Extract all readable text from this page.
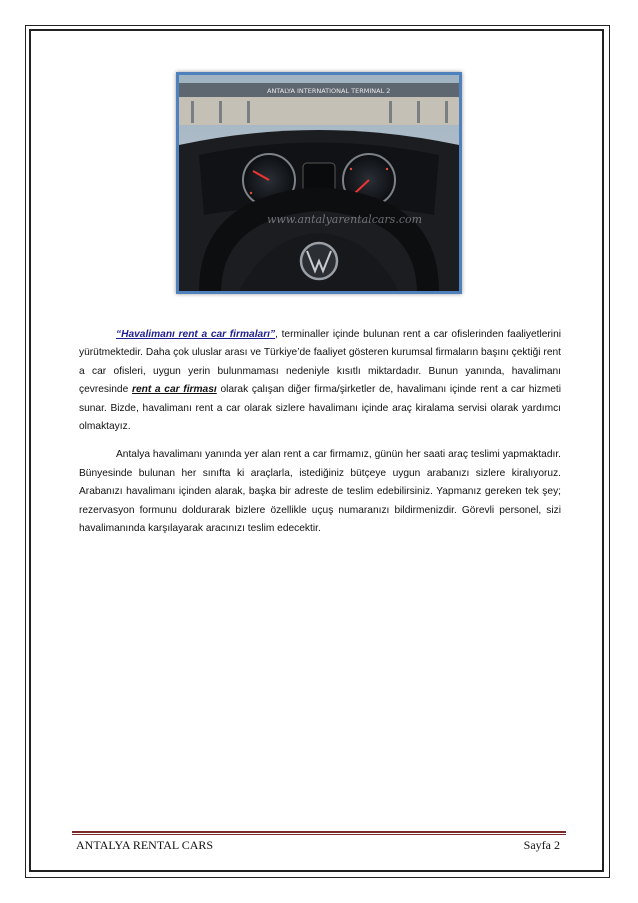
ANTALYA INTERNATIONAL TERMINAL 2
www.antalyarentalcars.com

“Havalimanı rent a car firmaları”, terminaller içinde bulunan rent a car ofislerinden faaliyetlerini yürütmektedir. Daha çok uluslar arası ve Türkiye’de faaliyet gösteren kurumsal firmaların başını çektiği rent a car ofisleri, uygun yerin bulunmaması nedeniyle kısıtlı miktardadır. Bunun yanında, havalimanı çevresinde rent a car firması olarak çalışan diğer firma/şirketler de, havalimanı içinde rent a car hizmeti sunar. Bizde, havalimanı rent a car olarak sizlere havalimanı içinde araç kiralama servisi olarak yardımcı olmaktayız.

Antalya havalimanı yanında yer alan rent a car firmamız, günün her saati araç teslimi yapmaktadır. Bünyesinde bulunan her sınıfta ki araçlarla, istediğiniz bütçeye uygun arabanızı sizlere kiralıyoruz. Arabanızı havalimanı içinden alarak, başka bir adreste de teslim edebilirsiniz. Yapmanız gereken tek şey; rezervasyon formunu doldurarak bizlere özellikle uçuş numaranızı bildirmenizdir. Görevli personel, sizi havalimanında karşılayarak aracınızı teslim edecektir.

ANTALYA RENTAL CARS	Sayfa 2
